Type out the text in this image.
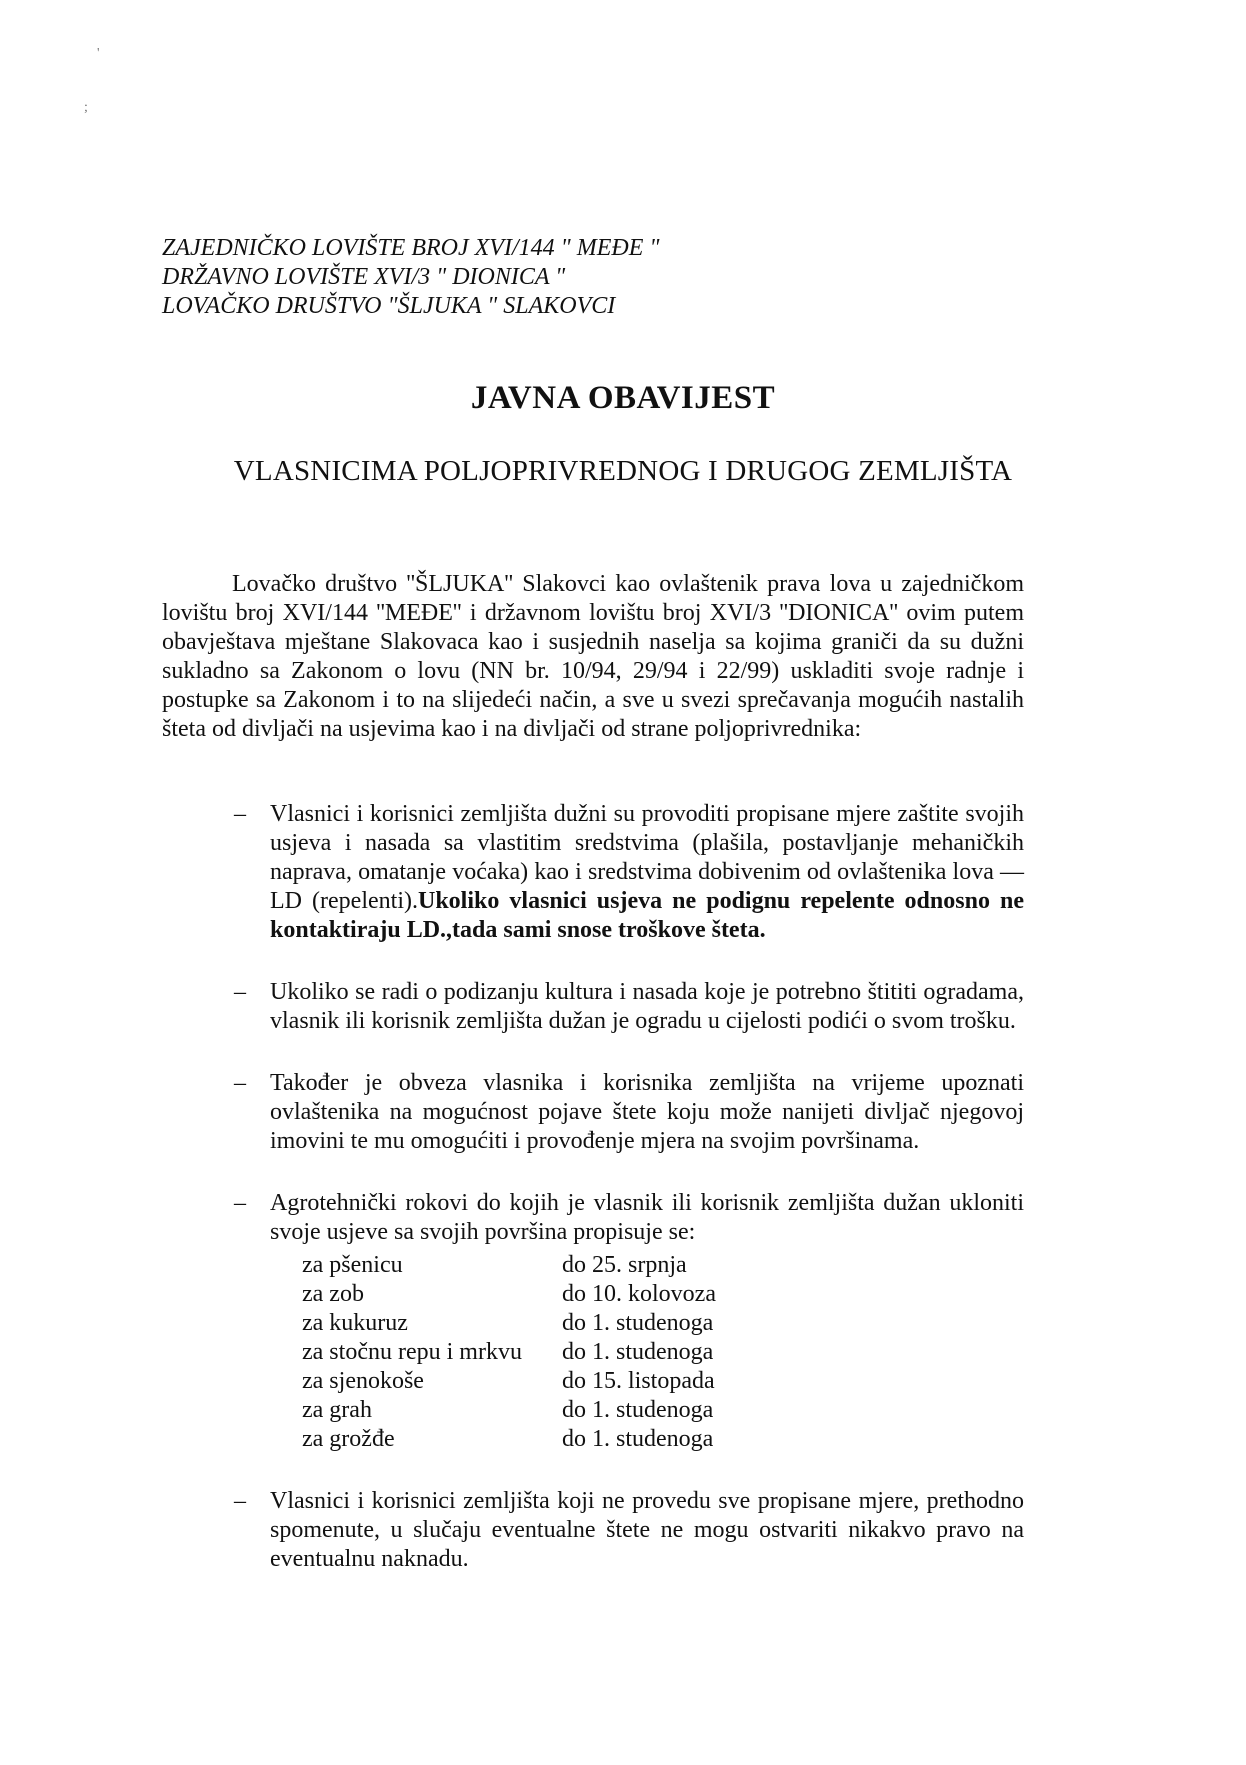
'
;
ZAJEDNIČKO LOVIŠTE BROJ XVI/144 " MEĐE "
DRŽAVNO LOVIŠTE XVI/3 " DIONICA "
LOVAČKO DRUŠTVO "ŠLJUKA " SLAKOVCI
JAVNA OBAVIJEST
VLASNICIMA POLJOPRIVREDNOG I DRUGOG ZEMLJIŠTA
Lovačko društvo ''ŠLJUKA'' Slakovci kao ovlaštenik prava lova u zajedničkom lovištu broj XVI/144 ''MEĐE'' i državnom lovištu broj XVI/3 ''DIONICA'' ovim putem obavještava mještane Slakovaca kao i susjednih naselja sa kojima graniči da su dužni sukladno sa Zakonom o lovu (NN br. 10/94, 29/94 i 22/99) uskladiti svoje radnje i postupke sa Zakonom i to na slijedeći način, a sve u svezi sprečavanja mogućih nastalih šteta od divljači na usjevima kao i na divljači od strane poljoprivrednika:
– Vlasnici i korisnici zemljišta dužni su provoditi propisane mjere zaštite svojih usjeva i nasada sa vlastitim sredstvima (plašila, postavljanje mehaničkih naprava, omatanje voćaka) kao i sredstvima dobivenim od ovlaštenika lova —LD (repelenti).Ukoliko vlasnici usjeva ne podignu repelente odnosno ne kontaktiraju LD.,tada sami snose troškove šteta.
– Ukoliko se radi o podizanju kultura i nasada koje je potrebno štititi ogradama, vlasnik ili korisnik zemljišta dužan je ogradu u cijelosti podići o svom trošku.
– Također je obveza vlasnika i korisnika zemljišta na vrijeme upoznati ovlaštenika na mogućnost pojave štete koju može nanijeti divljač njegovoj imovini te mu omogućiti i provođenje mjera na svojim površinama.
– Agrotehnički rokovi do kojih je vlasnik ili korisnik zemljišta dužan ukloniti svoje usjeve sa svojih površina propisuje se:
za pšenicu	do 25. srpnja
za zob	do 10. kolovoza
za kukuruz	do 1. studenoga
za stočnu repu i mrkvu	do 1. studenoga
za sjenokoše	do 15. listopada
za grah	do 1. studenoga
za grožđe	do 1. studenoga
– Vlasnici i korisnici zemljišta koji ne provedu sve propisane mjere, prethodno spomenute, u slučaju eventualne štete ne mogu ostvariti nikakvo pravo na eventualnu naknadu.
